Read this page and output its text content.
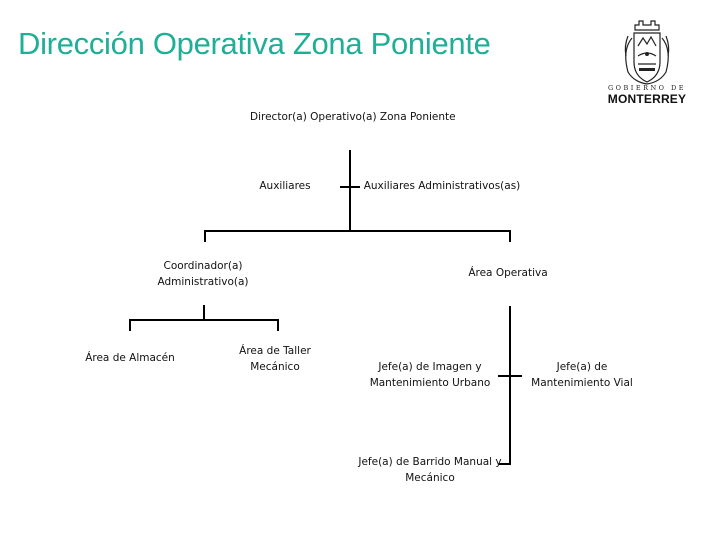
Dirección Operativa Zona Poniente
GOBIERNO DE
MONTERREY
Director(a) Operativo(a) Zona Poniente
Auxiliares	Auxiliares Administrativos(as)
Coordinador(a) Administrativo(a)
Área Operativa
Área de Almacén
Área de Taller Mecánico	Jefe(a) de Imagen y Mantenimiento Urbano
Jefe(a) de Mantenimiento Vial
Jefe(a) de Barrido Manual y Mecánico
